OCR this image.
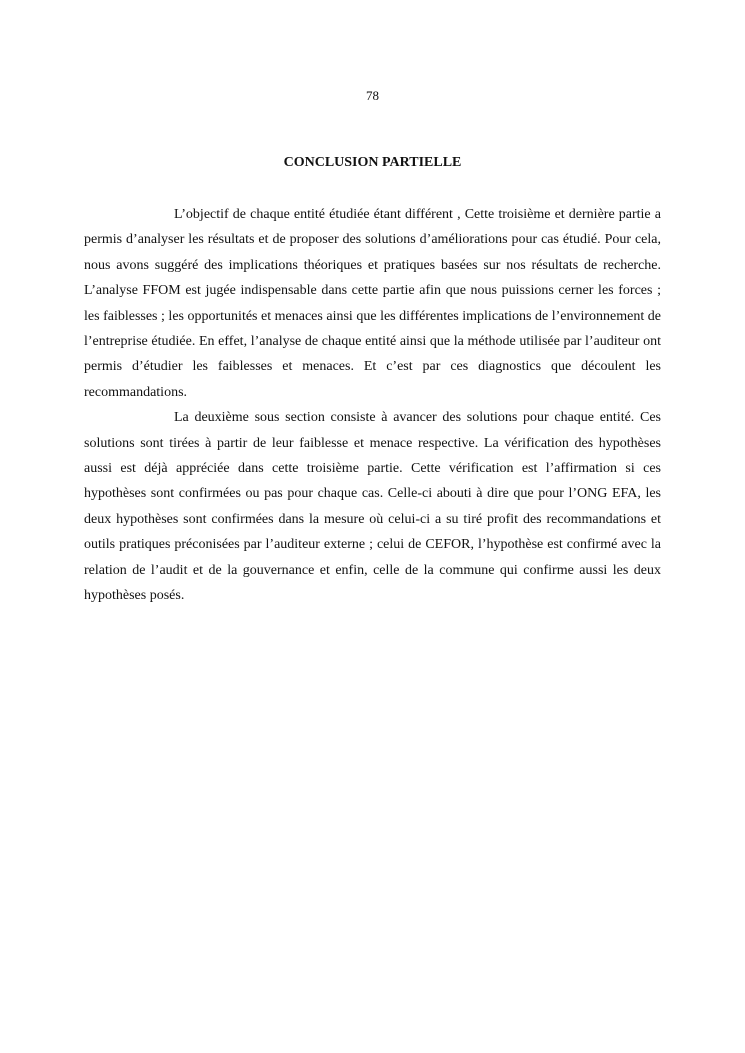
78
CONCLUSION PARTIELLE

L’objectif de chaque entité étudiée étant différent , Cette troisième et dernière partie a permis d’analyser les résultats et de proposer des solutions d’améliorations pour cas étudié. Pour cela, nous avons suggéré des implications théoriques et pratiques basées sur nos résultats de recherche. L’analyse FFOM est jugée indispensable dans cette partie afin que nous puissions cerner les forces ; les faiblesses ; les opportunités et menaces ainsi que les différentes implications de l’environnement de l’entreprise étudiée. En effet, l’analyse de chaque entité ainsi que la méthode utilisée par l’auditeur ont permis d’étudier les faiblesses et menaces. Et c’est par ces diagnostics que découlent les recommandations.

La deuxième sous section consiste à avancer des solutions pour chaque entité. Ces solutions sont tirées à partir de leur faiblesse et menace respective. La vérification des hypothèses aussi est déjà appréciée dans cette troisième partie. Cette vérification est l’affirmation si ces hypothèses sont confirmées ou pas pour chaque cas. Celle-ci abouti à dire que pour l’ONG EFA, les deux hypothèses sont confirmées dans la mesure où celui-ci a su tiré profit des recommandations et outils pratiques préconisées par l’auditeur externe ; celui de CEFOR, l’hypothèse est confirmé avec la relation de l’audit et de la gouvernance et enfin, celle de la commune qui confirme aussi les deux hypothèses posés.
